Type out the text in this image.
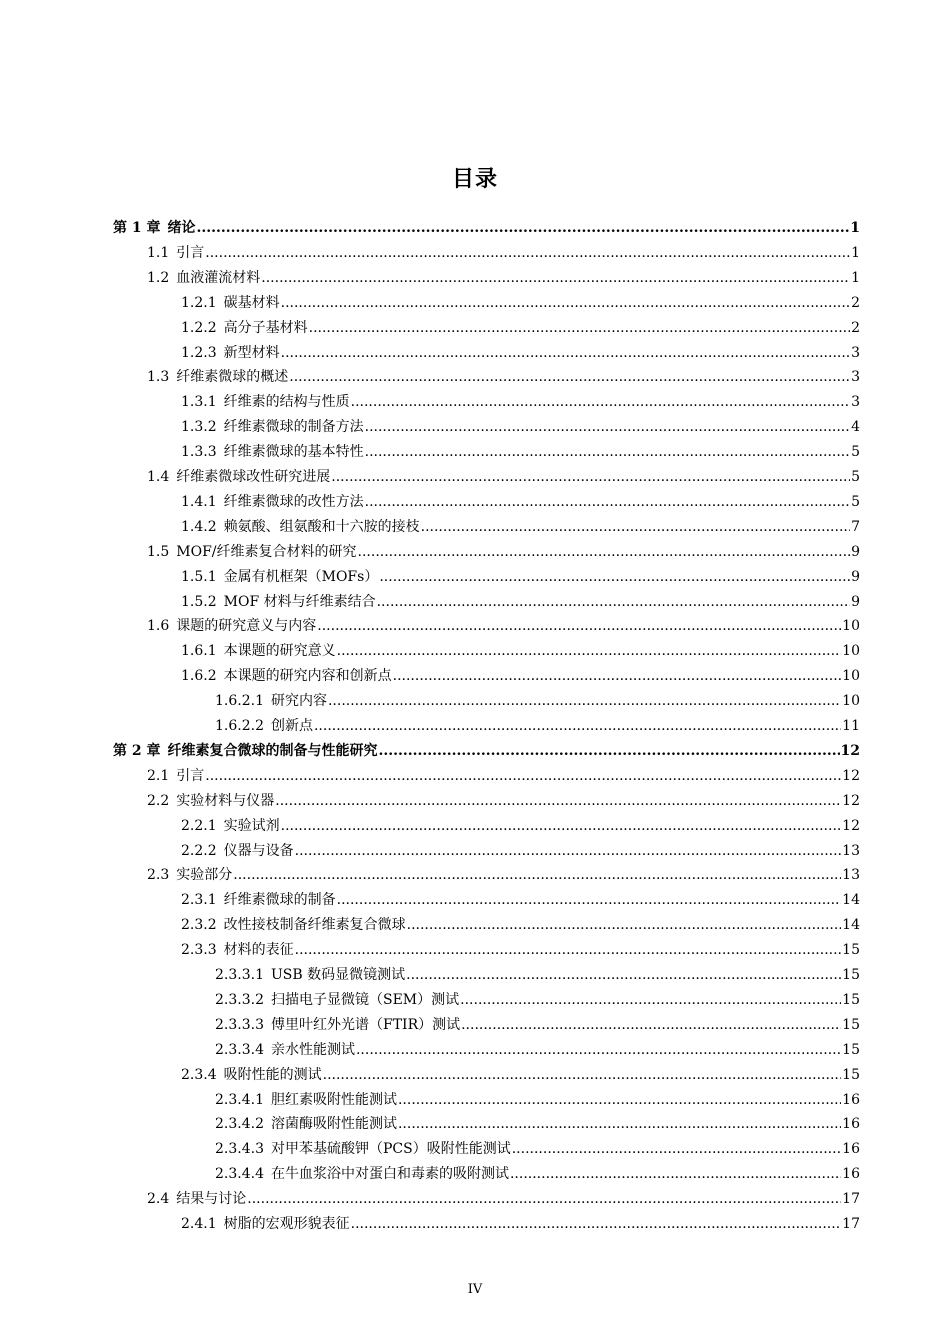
目录
第 1 章 绪论 .....	1
1.1 引言 .....	1
1.2 血液灌流材料 .....	1
1.2.1 碳基材料 .....	2
1.2.2 高分子基材料 .....	2
1.2.3 新型材料 .....	3
1.3 纤维素微球的概述 .....	3
1.3.1 纤维素的结构与性质 .....	3
1.3.2 纤维素微球的制备方法 .....	4
1.3.3 纤维素微球的基本特性 .....	5
1.4 纤维素微球改性研究进展 .....	5
1.4.1 纤维素微球的改性方法 .....	5
1.4.2 赖氨酸、组氨酸和十六胺的接枝 .....	7
1.5 MOF/纤维素复合材料的研究 .....	9
1.5.1 金属有机框架（MOFs） .....	9
1.5.2 MOF 材料与纤维素结合 .....	9
1.6 课题的研究意义与内容 .....	10
1.6.1 本课题的研究意义 .....	10
1.6.2 本课题的研究内容和创新点 .....	10
1.6.2.1 研究内容 .....	10
1.6.2.2 创新点 .....	11
第 2 章 纤维素复合微球的制备与性能研究 .....	12
2.1 引言 .....	12
2.2 实验材料与仪器 .....	12
2.2.1 实验试剂 .....	12
2.2.2 仪器与设备 .....	13
2.3 实验部分 .....	13
2.3.1 纤维素微球的制备 .....	14
2.3.2 改性接枝制备纤维素复合微球 .....	14
2.3.3 材料的表征 .....	15
2.3.3.1 USB 数码显微镜测试 .....	15
2.3.3.2 扫描电子显微镜（SEM）测试 .....	15
2.3.3.3 傅里叶红外光谱（FTIR）测试 .....	15
2.3.3.4 亲水性能测试 .....	15
2.3.4 吸附性能的测试 .....	15
2.3.4.1 胆红素吸附性能测试 .....	16
2.3.4.2 溶菌酶吸附性能测试 .....	16
2.3.4.3 对甲苯基硫酸钾（PCS）吸附性能测试 .....	16
2.3.4.4 在牛血浆浴中对蛋白和毒素的吸附测试 .....	16
2.4 结果与讨论 .....	17
2.4.1 树脂的宏观形貌表征 .....	17
IV
